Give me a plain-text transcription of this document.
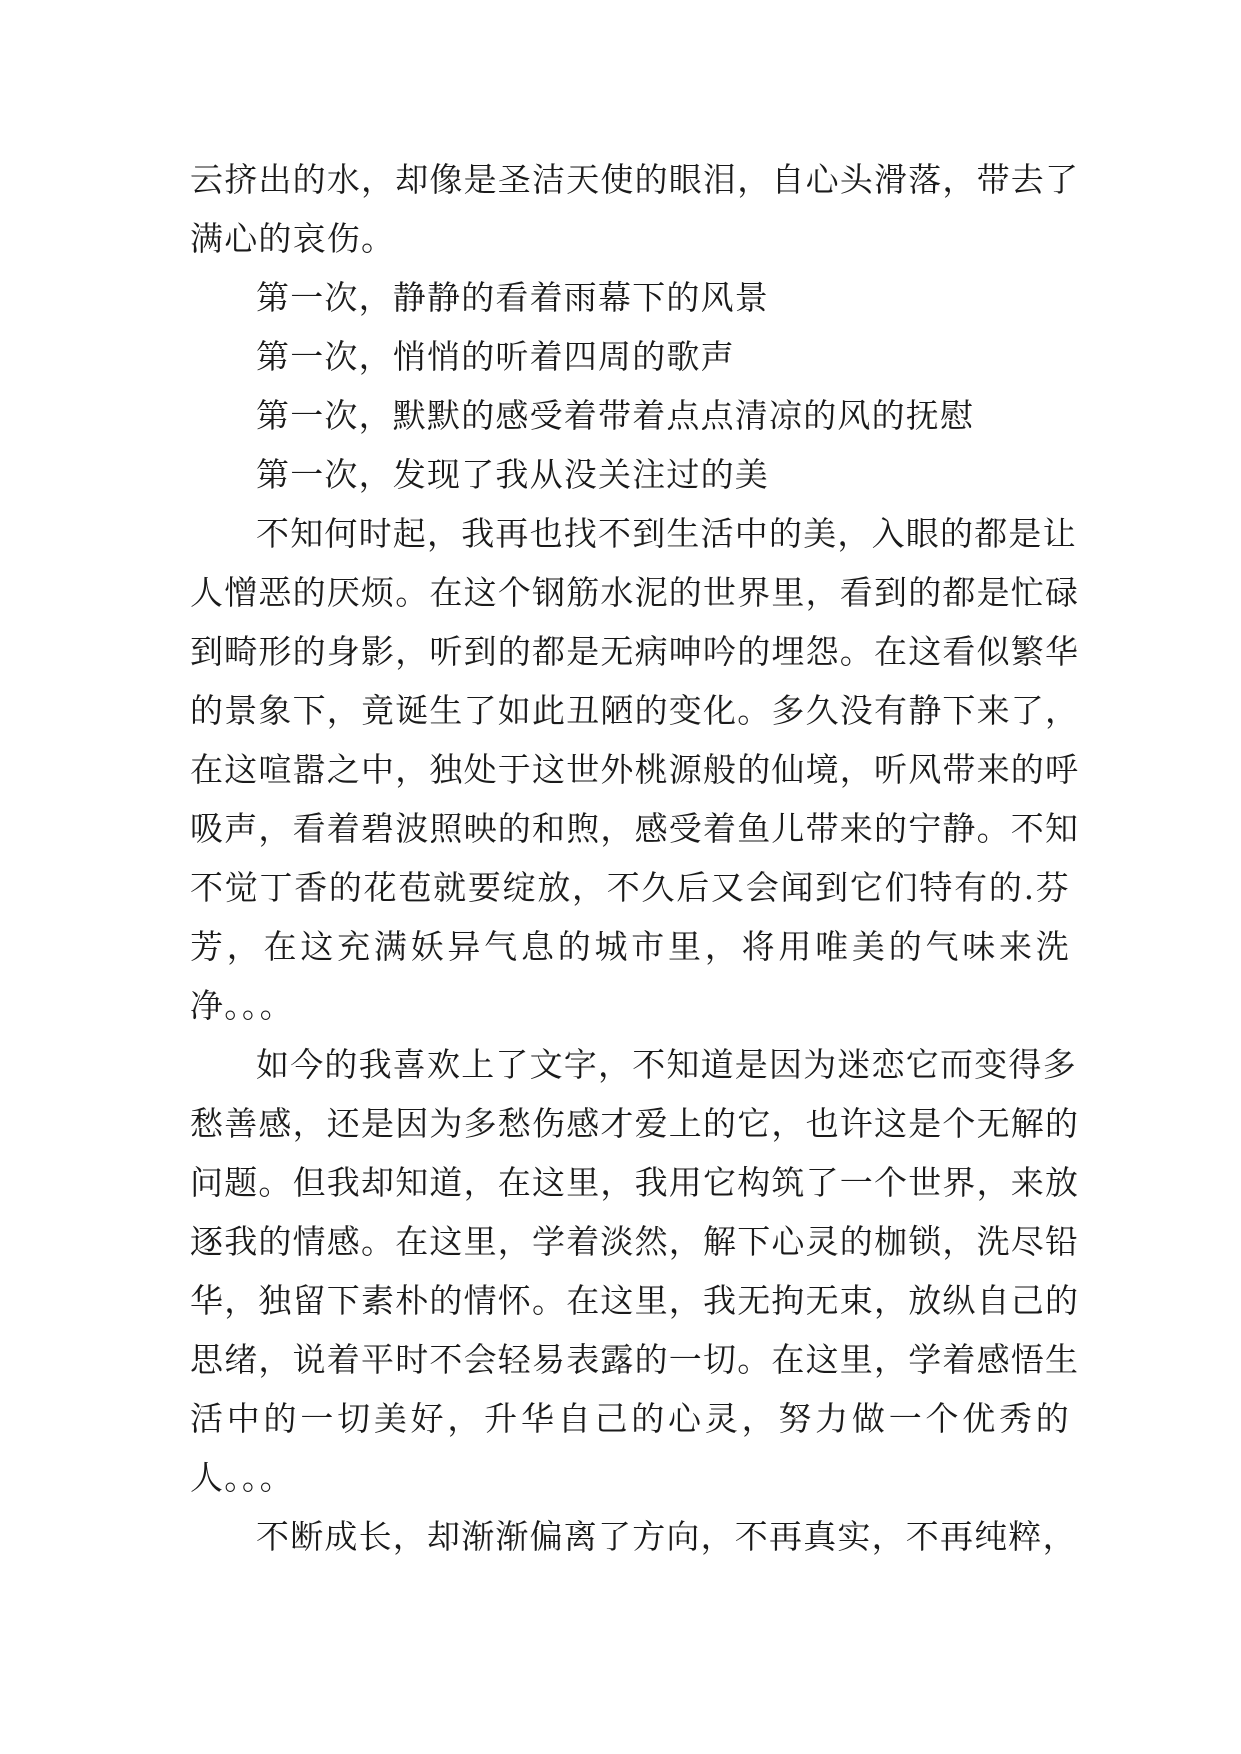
云挤出的水，却像是圣洁天使的眼泪，自心头滑落，带去了
满心的哀伤。
第一次，静静的看着雨幕下的风景
第一次，悄悄的听着四周的歌声
第一次，默默的感受着带着点点清凉的风的抚慰
第一次，发现了我从没关注过的美
不知何时起，我再也找不到生活中的美，入眼的都是让
人憎恶的厌烦。在这个钢筋水泥的世界里，看到的都是忙碌
到畸形的身影，听到的都是无病呻吟的埋怨。在这看似繁华
的景象下，竟诞生了如此丑陋的变化。多久没有静下来了，
在这喧嚣之中，独处于这世外桃源般的仙境，听风带来的呼
吸声，看着碧波照映的和煦，感受着鱼儿带来的宁静。不知
不觉丁香的花苞就要绽放，不久后又会闻到它们特有的.芬
芳，在这充满妖异气息的城市里，将用唯美的气味来洗
净。。。
如今的我喜欢上了文字，不知道是因为迷恋它而变得多
愁善感，还是因为多愁伤感才爱上的它，也许这是个无解的
问题。但我却知道，在这里，我用它构筑了一个世界，来放
逐我的情感。在这里，学着淡然，解下心灵的枷锁，洗尽铅
华，独留下素朴的情怀。在这里，我无拘无束，放纵自己的
思绪，说着平时不会轻易表露的一切。在这里，学着感悟生
活中的一切美好，升华自己的心灵，努力做一个优秀的
人。。。
不断成长，却渐渐偏离了方向，不再真实，不再纯粹，
